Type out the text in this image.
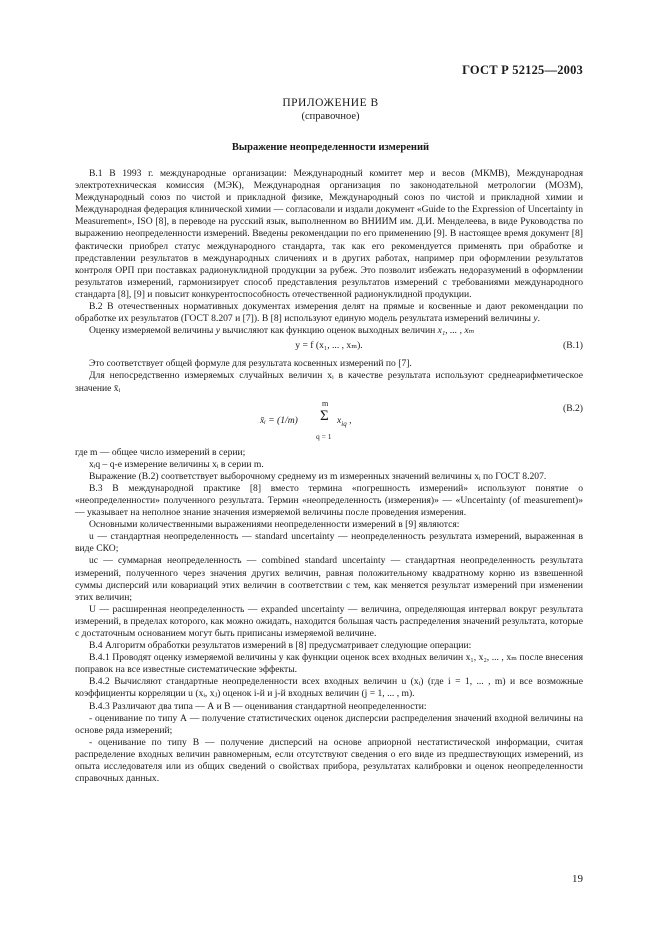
ГОСТ Р 52125—2003
ПРИЛОЖЕНИЕ В
(справочное)
Выражение неопределенности измерений

В.1 В 1993 г. международные организации: Международный комитет мер и весов (МКМВ), Международная электротехническая комиссия (МЭК), Международная организация по законодательной метрологии (МОЗМ), Международный союз по чистой и прикладной физике, Международный союз по чистой и прикладной химии и Международная федерация клинической химии — согласовали и издали документ «Guide to the Expression of Uncertainty in Measurement», ISO [8], в переводе на русский язык, выполненном во ВНИИМ им. Д.И. Менделеева, в виде Руководства по выражению неопределенности измерений. Введены рекомендации по его применению [9]. В настоящее время документ [8] фактически приобрел статус международного стандарта, так как его рекомендуется применять при обработке и представлении результатов в международных сличениях и в других работах, например при оформлении результатов контроля ОРП при поставках радионуклидной продукции за рубеж. Это позволит избежать недоразумений в оформлении результатов измерений, гармонизирует способ представления результатов измерений с требованиями международного стандарта [8], [9] и повысит конкурентоспособность отечественной радионуклидной продукции.

В.2 В отечественных нормативных документах измерения делят на прямые и косвенные и дают рекомендации по обработке их результатов (ГОСТ 8.207 и [7]). В [8] используют единую модель результата измерений величины y.

Оценку измеряемой величины y вычисляют как функцию оценок выходных величин x₁, ... , xₘ

y = f (x₁, ... , xₘ).	(В.1)

Это соответствует общей формуле для результата косвенных измерений по [7].

Для непосредственно измеряемых случайных величин xᵢ в качестве результата используют среднеарифметическое значение x̄ᵢ

m
x̄ᵢ = (1/m) Σ $x_{iq}$ ,
q = 1
(В.2)

где m — общее число измерений в серии;

xᵢq – q-е измерение величины xᵢ в серии m.

Выражение (В.2) соответствует выборочному среднему из m измеренных значений величины xᵢ по ГОСТ 8.207.

В.3 В международной практике [8] вместо термина «погрешность измерений» используют понятие о «неопределенности» полученного результата. Термин «неопределенность (измерения)» — «Uncertainty (of measurement)» — указывает на неполное знание значения измеряемой величины после проведения измерения.

Основными количественными выражениями неопределенности измерений в [9] являются:

u — стандартная неопределенность — standard uncertainty — неопределенность результата измерений, выраженная в виде СКО;

uc — суммарная неопределенность — combined standard uncertainty — стандартная неопределенность результата измерений, полученного через значения других величин, равная положительному квадратному корню из взвешенной суммы дисперсий или ковариаций этих величин в соответствии с тем, как меняется результат измерений при изменении этих величин;

U — расширенная неопределенность — expanded uncertainty — величина, определяющая интервал вокруг результата измерений, в пределах которого, как можно ожидать, находится большая часть распределения значений результата, которые с достаточным основанием могут быть приписаны измеряемой величине.

В.4 Алгоритм обработки результатов измерений в [8] предусматривает следующие операции:

В.4.1 Проводят оценку измеряемой величины y как функции оценок всех входных величин x₁, x₂, ... , xₘ после внесения поправок на все известные систематические эффекты.

В.4.2 Вычисляют стандартные неопределенности всех входных величин u (xᵢ) (где i = 1, ... , m) и все возможные коэффициенты корреляции u (xᵢ, xⱼ) оценок i-й и j-й входных величин (j = 1, ... , m).

В.4.3 Различают два типа — А и В — оценивания стандартной неопределенности:

- оценивание по типу А — получение статистических оценок дисперсии распределения значений входной величины на основе ряда измерений;

- оценивание по типу В — получение дисперсий на основе априорной нестатистической информации, считая распределение входных величин равномерным, если отсутствуют сведения о его виде из предшествующих измерений, из опыта исследователя или из общих сведений о свойствах прибора, результатах калибровки и оценок неопределенности справочных данных.

19
